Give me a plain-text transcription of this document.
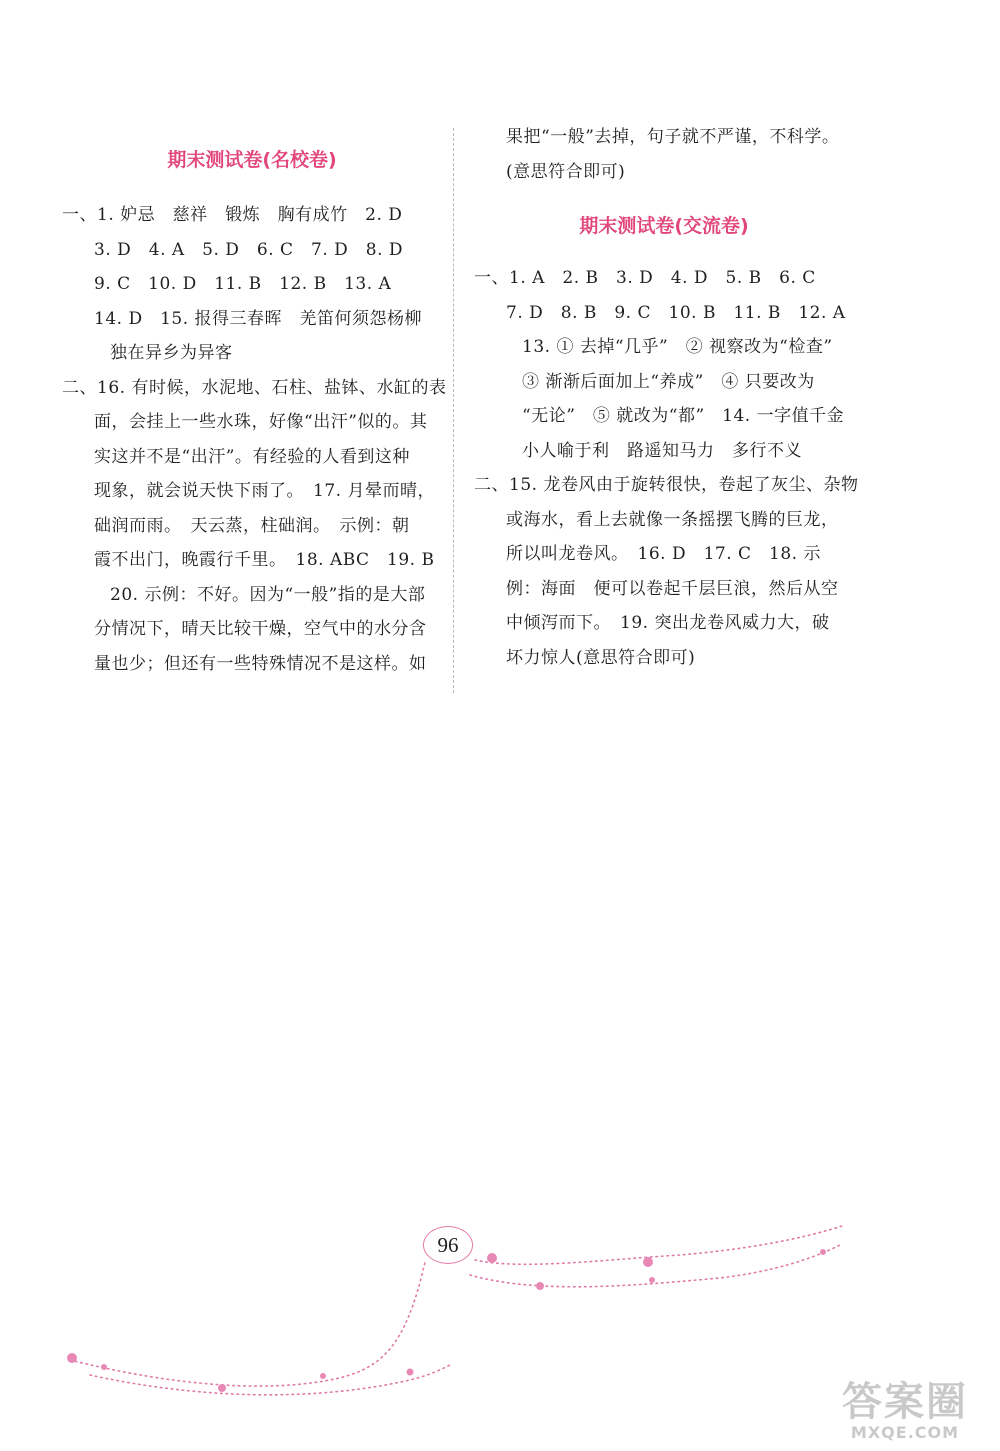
期末测试卷(名校卷)
一、1. 妒忌　慈祥　锻炼　胸有成竹　2. D
3. D　4. A　5. D　6. C　7. D　8. D
9. C　10. D　11. B　12. B　13. A
14. D　15. 报得三春晖　羌笛何须怨杨柳
独在异乡为异客
二、16. 有时候，水泥地、石柱、盐钵、水缸的表
面，会挂上一些水珠，好像“出汗”似的。其
实这并不是“出汗”。有经验的人看到这种
现象，就会说天快下雨了。　17. 月晕而晴，
础润而雨。　天云蒸，柱础润。　示例：朝
霞不出门，晚霞行千里。　18. ABC　19. B
20. 示例：不好。因为“一般”指的是大部
分情况下，晴天比较干燥，空气中的水分含
量也少；但还有一些特殊情况不是这样。如
果把“一般”去掉，句子就不严谨，不科学。
(意思符合即可)
期末测试卷(交流卷)
一、1. A　2. B　3. D　4. D　5. B　6. C
7. D　8. B　9. C　10. B　11. B　12. A
13. ① 去掉“几乎”　② 视察改为“检查”
③ 渐渐后面加上“养成”　④ 只要改为
“无论”　⑤ 就改为“都”　14. 一字值千金
小人喻于利　路遥知马力　多行不义
二、15. 龙卷风由于旋转很快，卷起了灰尘、杂物
或海水，看上去就像一条摇摆飞腾的巨龙，
所以叫龙卷风。　16. D　17. C　18. 示
例：海面　便可以卷起千层巨浪，然后从空
中倾泻而下。　19. 突出龙卷风威力大，破
坏力惊人(意思符合即可)
96
答案圈
MXQE.COM
